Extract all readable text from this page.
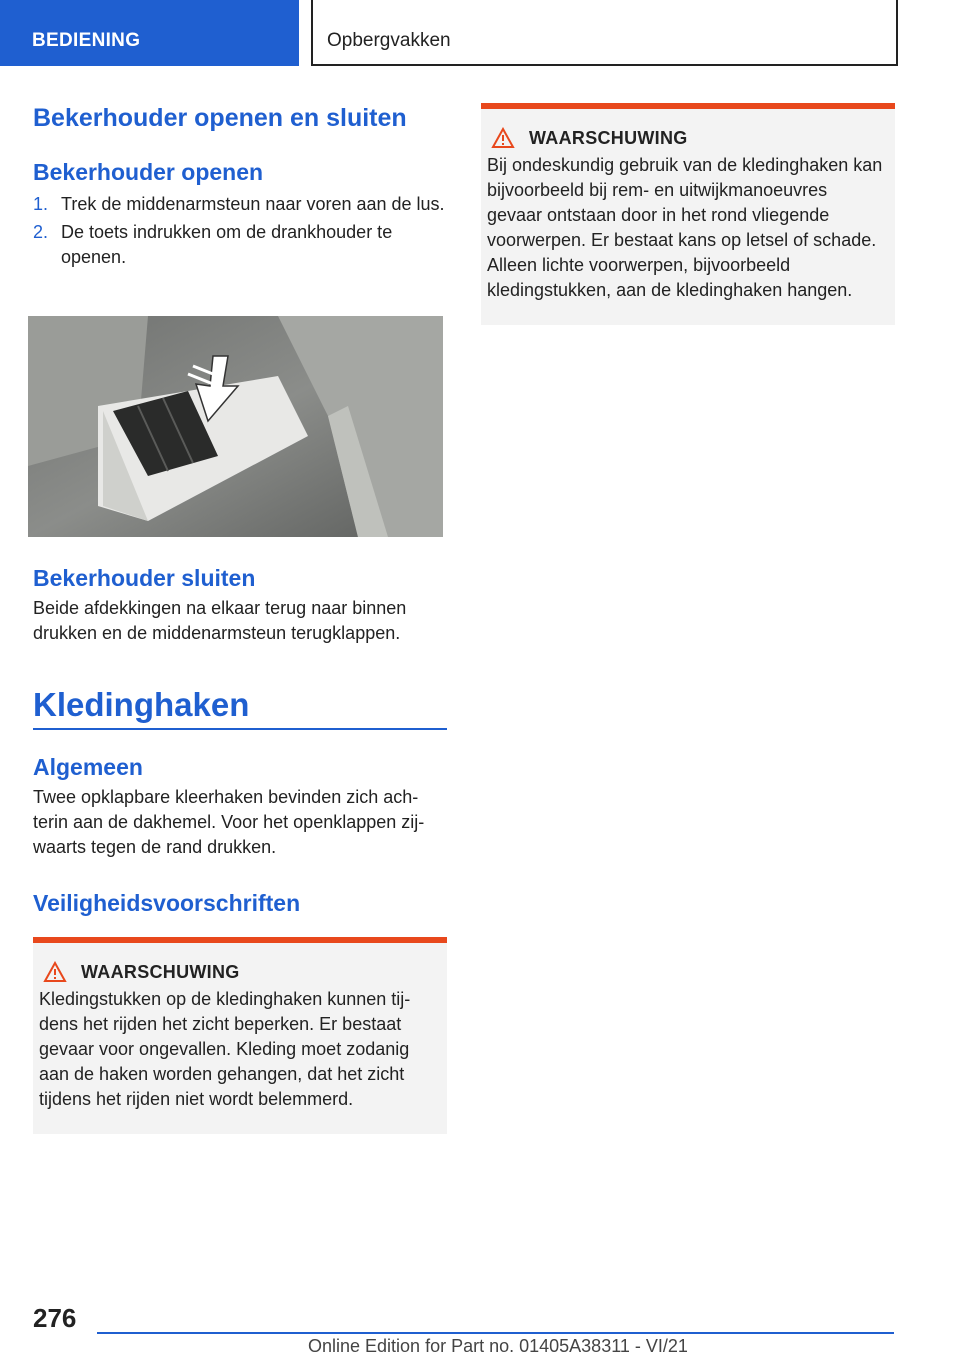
BEDIENING	Opbergvakken
Bekerhouder openen en sluiten
Bekerhouder openen
1. Trek de middenarmsteun naar voren aan de lus.
2. De toets indrukken om de drankhouder te openen.
Bekerhouder sluiten

Beide afdekkingen na elkaar terug naar binnen drukken en de middenarmsteun terugklappen.

Kledinghaken
Algemeen

Twee opklapbare kleerhaken bevinden zich ach-terin aan de dakhemel. Voor het openklappen zij-waarts tegen de rand drukken.

Veiligheidsvoorschriften
WAARSCHUWING

Kledingstukken op de kledinghaken kunnen tij-dens het rijden het zicht beperken. Er bestaat gevaar voor ongevallen. Kleding moet zodanig aan de haken worden gehangen, dat het zicht tijdens het rijden niet wordt belemmerd.

WAARSCHUWING

Bij ondeskundig gebruik van de kledinghaken kan bijvoorbeeld bij rem- en uitwijkmanoeuvres gevaar ontstaan door in het rond vliegende voorwerpen. Er bestaat kans op letsel of schade. Alleen lichte voorwerpen, bijvoorbeeld kledingstukken, aan de kledinghaken hangen.

276
Online Edition for Part no. 01405A38311 - VI/21
